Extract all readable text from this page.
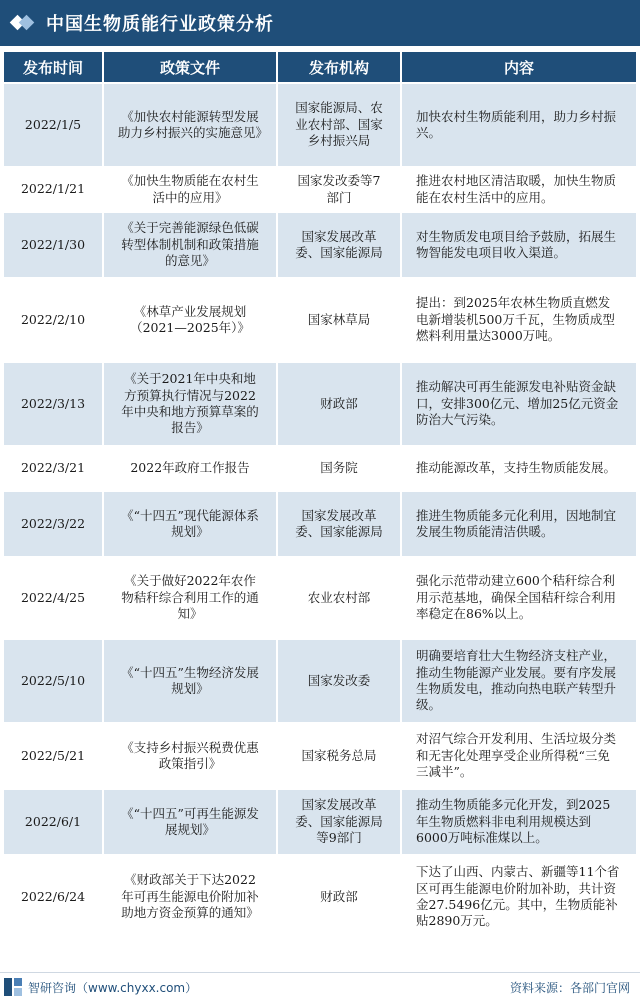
中国生物质能行业政策分析
发布时间	政策文件	发布机构	内容
2022/1/5	《加快农村能源转型发展助力乡村振兴的实施意见》	国家能源局、农业农村部、国家乡村振兴局	加快农村生物质能利用，助力乡村振兴。
2022/1/21	《加快生物质能在农村生活中的应用》	国家发改委等7部门	推进农村地区清洁取暖，加快生物质能在农村生活中的应用。
2022/1/30	《关于完善能源绿色低碳转型体制机制和政策措施的意见》	国家发展改革委、国家能源局	对生物质发电项目给予鼓励，拓展生物智能发电项目收入渠道。
2022/2/10	《林草产业发展规划（2021—2025年）》	国家林草局	提出：到2025年农林生物质直燃发电新增装机500万千瓦，生物质成型燃料利用量达3000万吨。
2022/3/13	《关于2021年中央和地方预算执行情况与2022年中央和地方预算草案的报告》	财政部	推动解决可再生能源发电补贴资金缺口，安排300亿元、增加25亿元资金防治大气污染。
2022/3/21	2022年政府工作报告	国务院	推动能源改革，支持生物质能发展。
2022/3/22	《“十四五”现代能源体系规划》	国家发展改革委、国家能源局	推进生物质能多元化利用，因地制宜发展生物质能清洁供暖。
2022/4/25	《关于做好2022年农作物秸秆综合利用工作的通知》	农业农村部	强化示范带动建立600个秸秆综合利用示范基地，确保全国秸秆综合利用率稳定在86%以上。
2022/5/10	《“十四五”生物经济发展规划》	国家发改委	明确要培育壮大生物经济支柱产业，推动生物能源产业发展。要有序发展生物质发电，推动向热电联产转型升级。
2022/5/21	《支持乡村振兴税费优惠政策指引》	国家税务总局	对沼气综合开发利用、生活垃圾分类和无害化处理享受企业所得税“三免三减半”。
2022/6/1	《“十四五”可再生能源发展规划》	国家发展改革委、国家能源局等9部门	推动生物质能多元化开发，到2025年生物质燃料非电利用规模达到6000万吨标准煤以上。
2022/6/24	《财政部关于下达2022年可再生能源电价附加补助地方资金预算的通知》	财政部	下达了山西、内蒙古、新疆等11个省区可再生能源电价附加补助，共计资金27.5496亿元。其中，生物质能补贴2890万元。
智研咨询（www.chyxx.com）	资料来源：各部门官网
